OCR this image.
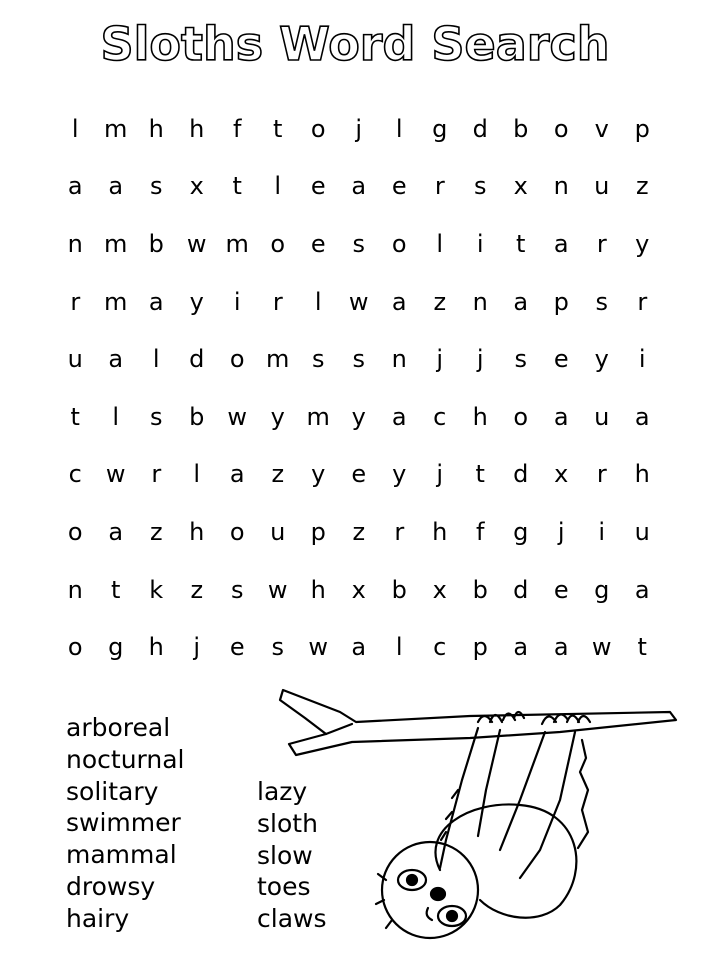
Sloths Word Search
l	m h	h	f	t	o	j	l	g	d	b	o	v	p
a	a	s	x	t	l	e	a	e	r	s	x	n	u	z
n m b w m o	e	s	o	l	i	t	a	r	y
r m a	y	i	r	l	w a	z	n	a	p	s	r
u	a	l	d	o m s	s	n	j	j	s	e	y	i
t	l	s	b w y m y	a	c	h	o	a	u	a
c	w	r	l	a	z	y	e	y	j	t	d	x	r	h
o	a	z	h	o	u	p	z	r	h	f	g	j	i	u
n	t	k	z	s	w h	x	b	x	b	d	e	g	a
o	g	h	j	e	s	w a	l	c	p	a	a w	t
arboreal
nocturnal
solitary
swimmer
mammal
drowsy
hairy
lazy
sloth
slow
toes
claws
